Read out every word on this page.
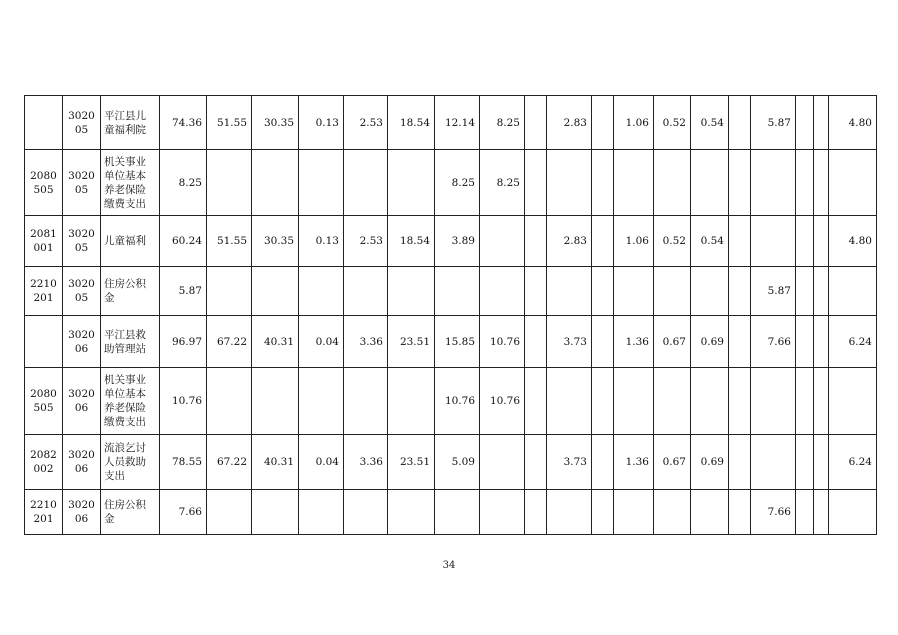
	302005	平江县儿童福利院	74.36	51.55	30.35	0.13	2.53	18.54	12.14	8.25		2.83		1.06	0.52	0.54		5.87			4.80
2080505	302005	机关事业单位基本养老保险缴费支出	8.25						8.25	8.25											
2081001	302005	儿童福利	60.24	51.55	30.35	0.13	2.53	18.54	3.89			2.83		1.06	0.52	0.54					4.80
2210201	302005	住房公积金	5.87															5.87			
	302006	平江县救助管理站	96.97	67.22	40.31	0.04	3.36	23.51	15.85	10.76		3.73		1.36	0.67	0.69		7.66			6.24
2080505	302006	机关事业单位基本养老保险缴费支出	10.76						10.76	10.76											
2082002	302006	流浪乞讨人员救助支出	78.55	67.22	40.31	0.04	3.36	23.51	5.09			3.73		1.36	0.67	0.69					6.24
2210201	302006	住房公积金	7.66															7.66			
34
